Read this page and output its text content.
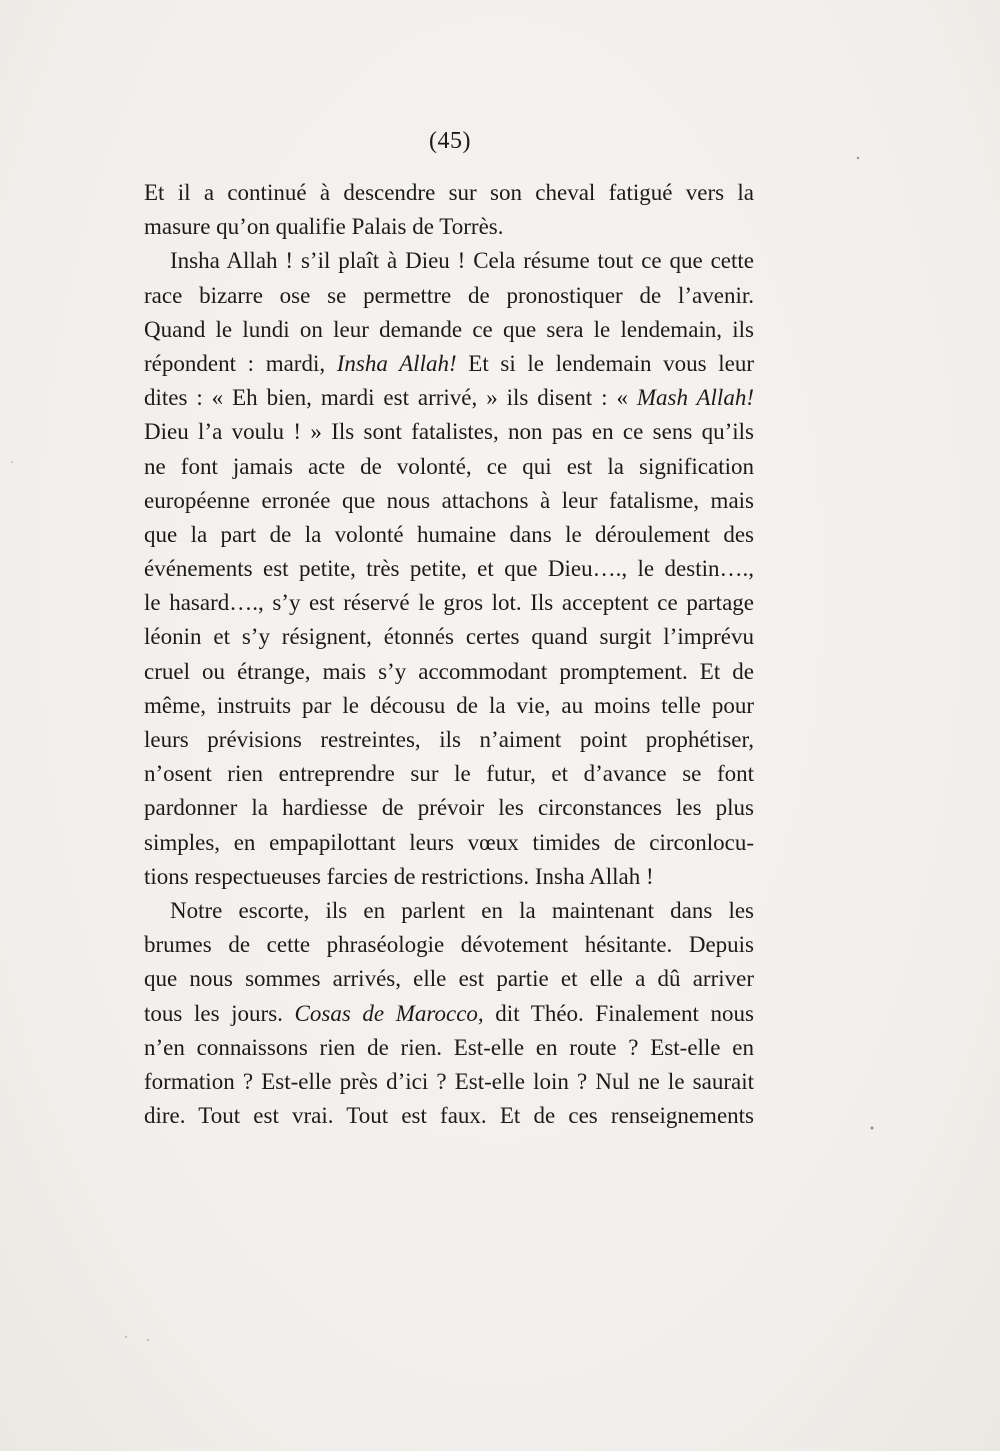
(45)
Et il a continué à descendre sur son cheval fatigué vers la
masure qu’on qualifie Palais de Torrès.
Insha Allah ! s’il plaît à Dieu ! Cela résume tout ce que cette
race bizarre ose se permettre de pronostiquer de l’avenir.
Quand le lundi on leur demande ce que sera le lendemain, ils
répondent : mardi, Insha Allah! Et si le lendemain vous leur
dites : « Eh bien, mardi est arrivé, » ils disent : « Mash Allah!
Dieu l’a voulu ! » Ils sont fatalistes, non pas en ce sens qu’ils
ne font jamais acte de volonté, ce qui est la signification
européenne erronée que nous attachons à leur fatalisme, mais
que la part de la volonté humaine dans le déroulement des
événements est petite, très petite, et que Dieu…., le destin….,
le hasard…., s’y est réservé le gros lot. Ils acceptent ce partage
léonin et s’y résignent, étonnés certes quand surgit l’imprévu
cruel ou étrange, mais s’y accommodant promptement. Et de
même, instruits par le décousu de la vie, au moins telle pour
leurs prévisions restreintes, ils n’aiment point prophétiser,
n’osent rien entreprendre sur le futur, et d’avance se font
pardonner la hardiesse de prévoir les circonstances les plus
simples, en empapilottant leurs vœux timides de circonlocu-
tions respectueuses farcies de restrictions. Insha Allah !
Notre escorte, ils en parlent en la maintenant dans les
brumes de cette phraséologie dévotement hésitante. Depuis
que nous sommes arrivés, elle est partie et elle a dû arriver
tous les jours. Cosas de Marocco, dit Théo. Finalement nous
n’en connaissons rien de rien. Est-elle en route ? Est-elle en
formation ? Est-elle près d’ici ? Est-elle loin ? Nul ne le saurait
dire. Tout est vrai. Tout est faux. Et de ces renseignements
